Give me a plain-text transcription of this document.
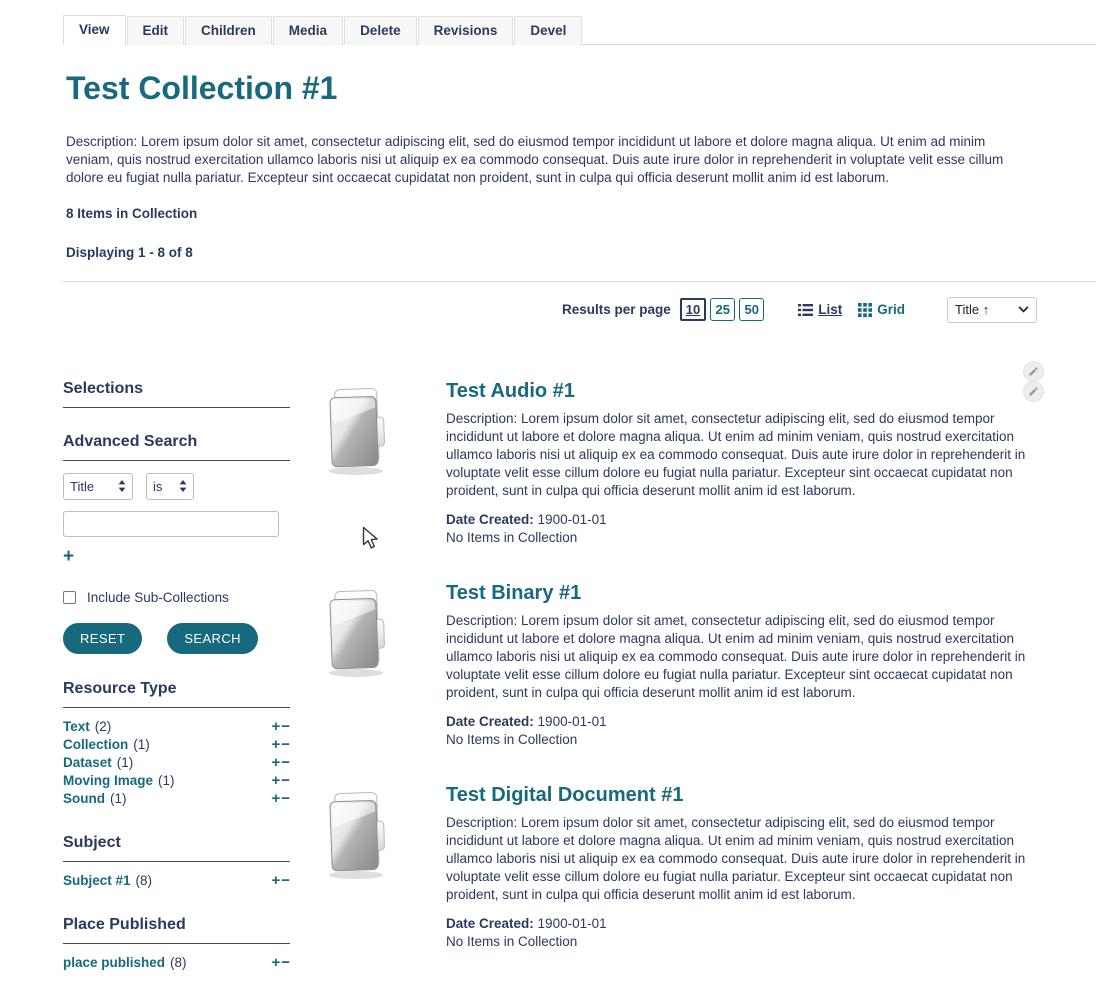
View	Edit	Children	Media	Delete	Revisions	Devel
Test Collection #1

Description: Lorem ipsum dolor sit amet, consectetur adipiscing elit, sed do eiusmod tempor incididunt ut labore et dolore magna aliqua. Ut enim ad minim veniam, quis nostrud exercitation ullamco laboris nisi ut aliquip ex ea commodo consequat. Duis aute irure dolor in reprehenderit in voluptate velit esse cillum dolore eu fugiat nulla pariatur. Excepteur sint occaecat cupidatat non proident, sunt in culpa qui officia deserunt mollit anim id est laborum.

8 Items in Collection
Displaying 1 - 8 of 8
Results per page	10	25	50	List	Grid	Title ↑
Selections
Advanced Search
Title	is
+
Include Sub-Collections
RESET	SEARCH
Resource Type
Text (2)	+ −
Collection (1)	+ −
Dataset (1)	+ −
Moving Image (1)	+ −
Sound (1)	+ −
Subject
Subject #1 (8)	+ −
Place Published
place published (8)	+ −
Test Audio #1

Description: Lorem ipsum dolor sit amet, consectetur adipiscing elit, sed do eiusmod tempor incididunt ut labore et dolore magna aliqua. Ut enim ad minim veniam, quis nostrud exercitation ullamco laboris nisi ut aliquip ex ea commodo consequat. Duis aute irure dolor in reprehenderit in voluptate velit esse cillum dolore eu fugiat nulla pariatur. Excepteur sint occaecat cupidatat non proident, sunt in culpa qui officia deserunt mollit anim id est laborum.

Date Created: 1900-01-01

No Items in Collection

Test Binary #1

Description: Lorem ipsum dolor sit amet, consectetur adipiscing elit, sed do eiusmod tempor incididunt ut labore et dolore magna aliqua. Ut enim ad minim veniam, quis nostrud exercitation ullamco laboris nisi ut aliquip ex ea commodo consequat. Duis aute irure dolor in reprehenderit in voluptate velit esse cillum dolore eu fugiat nulla pariatur. Excepteur sint occaecat cupidatat non proident, sunt in culpa qui officia deserunt mollit anim id est laborum.

Date Created: 1900-01-01

No Items in Collection

Test Digital Document #1

Description: Lorem ipsum dolor sit amet, consectetur adipiscing elit, sed do eiusmod tempor incididunt ut labore et dolore magna aliqua. Ut enim ad minim veniam, quis nostrud exercitation ullamco laboris nisi ut aliquip ex ea commodo consequat. Duis aute irure dolor in reprehenderit in voluptate velit esse cillum dolore eu fugiat nulla pariatur. Excepteur sint occaecat cupidatat non proident, sunt in culpa qui officia deserunt mollit anim id est laborum.

Date Created: 1900-01-01

No Items in Collection
